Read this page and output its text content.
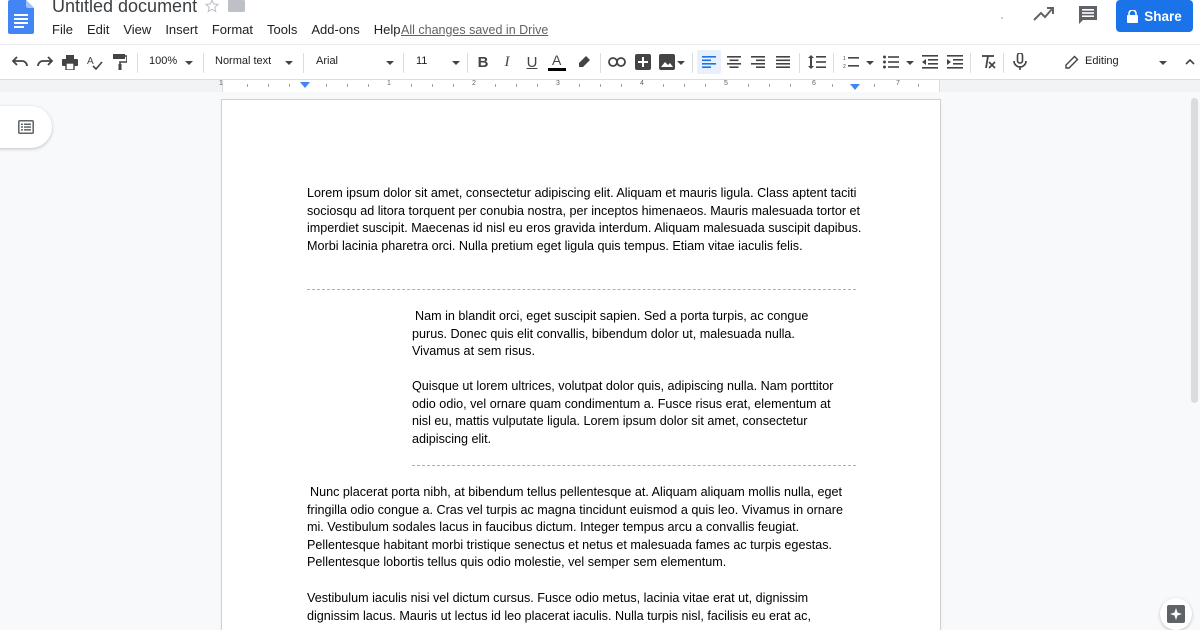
Untitled document
File Edit View Insert Format Tools Add-ons Help All changes saved in Drive
Share
A	100%	Normal text	Arial	11	B	I	U	A	1
2	Editing
1	1	2	3	4	5	6	7
Lorem ipsum dolor sit amet, consectetur adipiscing elit. Aliquam et mauris ligula. Class aptent taciti sociosqu ad litora torquent per conubia nostra, per inceptos himenaeos. Mauris malesuada tortor et imperdiet suscipit. Maecenas id nisl eu eros gravida interdum. Aliquam malesuada suscipit dapibus. Morbi lacinia pharetra orci. Nulla pretium eget ligula quis tempus. Etiam vitae iaculis felis.
Nam in blandit orci, eget suscipit sapien. Sed a porta turpis, ac congue purus. Donec quis elit convallis, bibendum dolor ut, malesuada nulla. Vivamus at sem risus.
Quisque ut lorem ultrices, volutpat dolor quis, adipiscing nulla. Nam porttitor odio odio, vel ornare quam condimentum a. Fusce risus erat, elementum at nisl eu, mattis vulputate ligula. Lorem ipsum dolor sit amet, consectetur adipiscing elit.
Nunc placerat porta nibh, at bibendum tellus pellentesque at. Aliquam aliquam mollis nulla, eget fringilla odio congue a. Cras vel turpis ac magna tincidunt euismod a quis leo. Vivamus in ornare mi. Vestibulum sodales lacus in faucibus dictum. Integer tempus arcu a convallis feugiat. Pellentesque habitant morbi tristique senectus et netus et malesuada fames ac turpis egestas. Pellentesque lobortis tellus quis odio molestie, vel semper sem elementum.
Vestibulum iaculis nisi vel dictum cursus. Fusce odio metus, lacinia vitae erat ut, dignissim dignissim lacus. Mauris ut lectus id leo placerat iaculis. Nulla turpis nisl, facilisis eu erat ac,
